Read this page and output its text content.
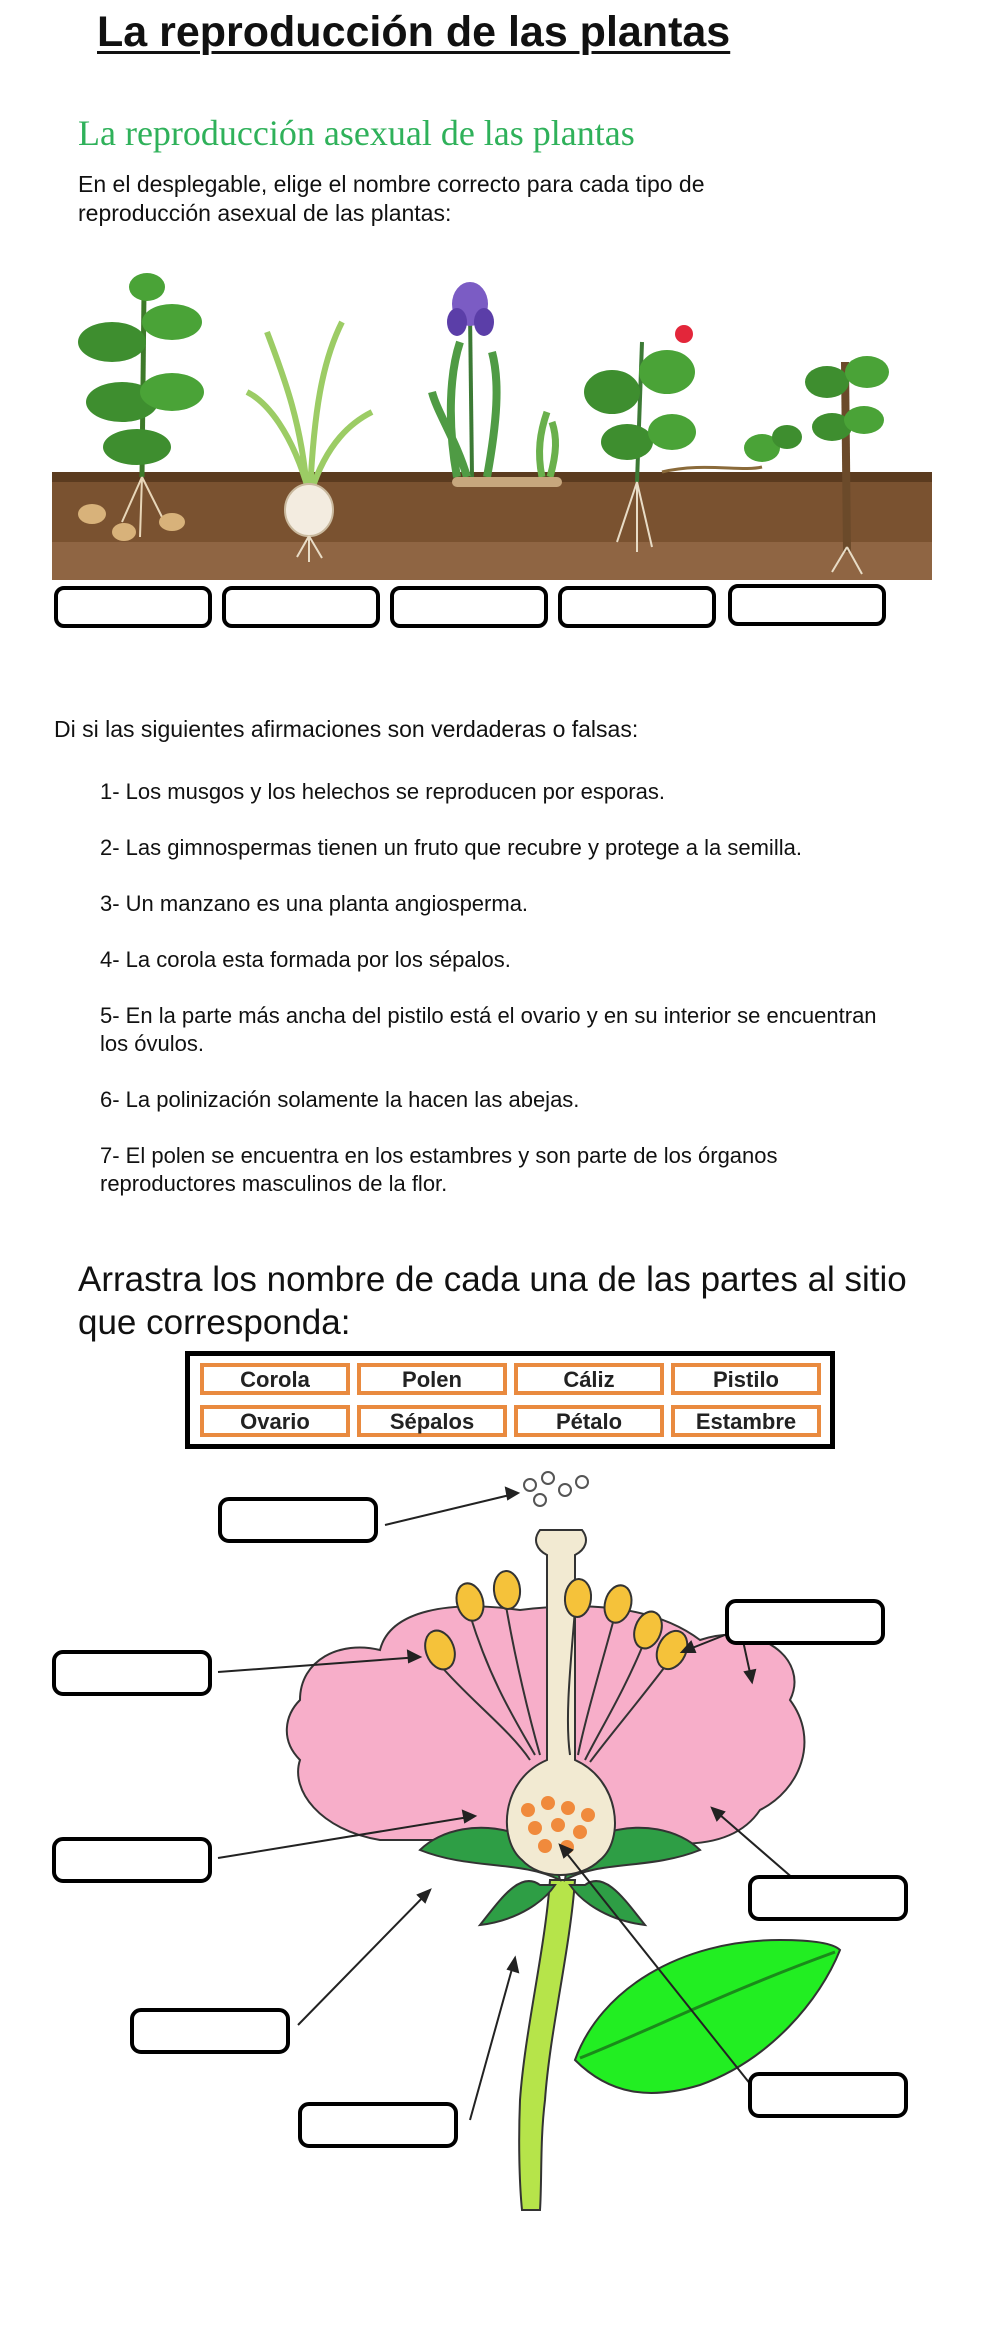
La reproducción de las plantas
La reproducción asexual de las plantas
En el desplegable, elige el nombre correcto para cada tipo de reproducción asexual de las plantas:
Di si las siguientes afirmaciones son verdaderas o falsas:
1- Los musgos y los helechos se reproducen por esporas.
2- Las gimnospermas tienen un fruto que recubre y protege a la semilla.
3- Un manzano es una planta angiosperma.
4- La corola esta formada por los sépalos.
5- En la parte más ancha del pistilo está el ovario y en su interior se encuentran los óvulos.
6- La polinización solamente la hacen las abejas.
7- El polen se encuentra en los estambres y son parte de los órganos reproductores masculinos de la flor.
Arrastra los nombre de cada una de las partes al sitio que corresponda:
Corola	Polen	Cáliz	Pistilo
Ovario	Sépalos	Pétalo	Estambre
